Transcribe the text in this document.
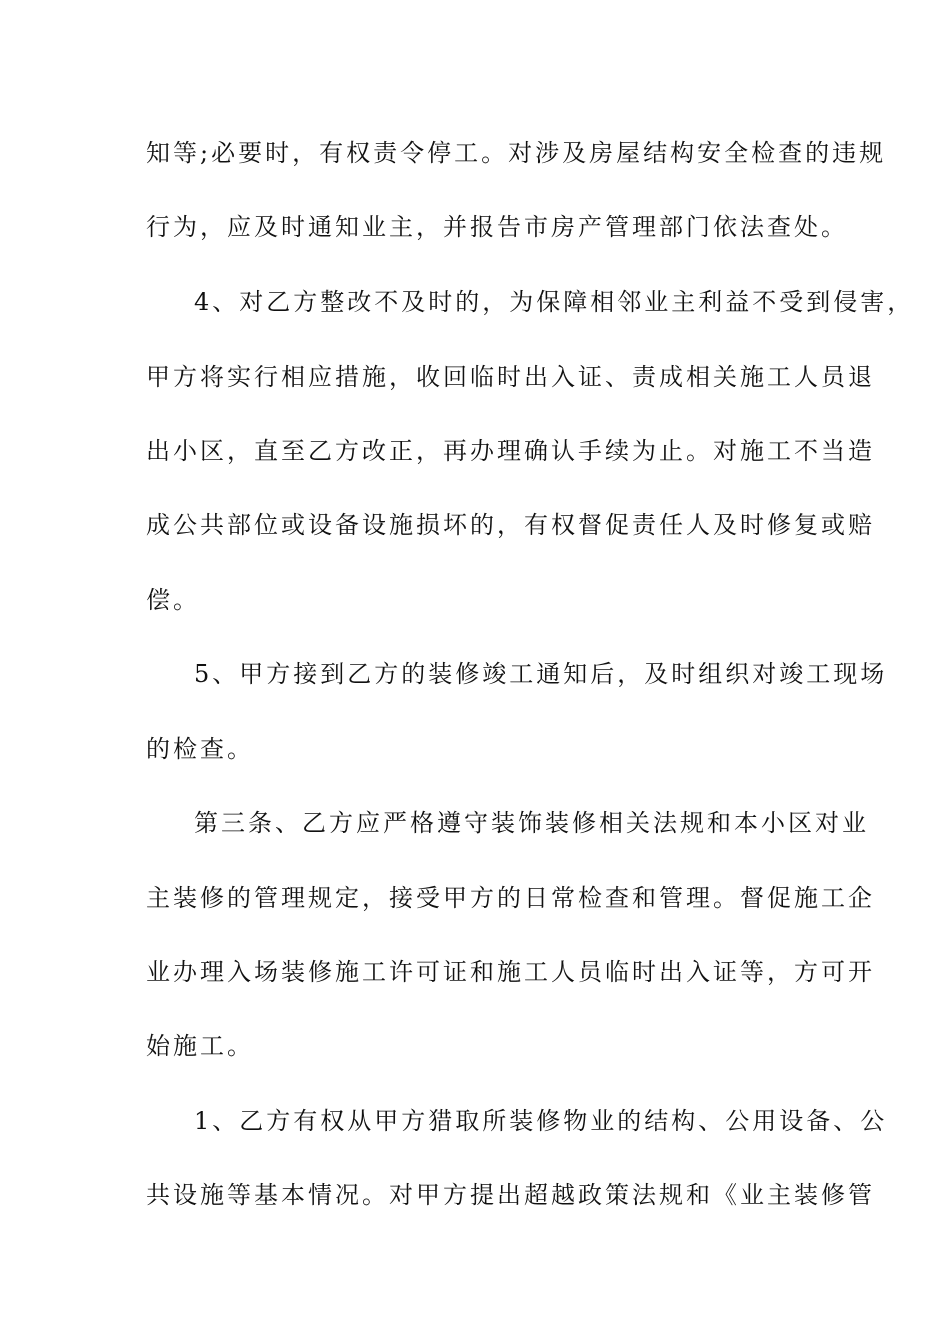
知等;必要时，有权责令停工。对涉及房屋结构安全检查的违规
行为，应及时通知业主，并报告市房产管理部门依法查处。
4、对乙方整改不及时的，为保障相邻业主利益不受到侵害，
甲方将实行相应措施，收回临时出入证、责成相关施工人员退
出小区，直至乙方改正，再办理确认手续为止。对施工不当造
成公共部位或设备设施损坏的，有权督促责任人及时修复或赔
偿。
5、甲方接到乙方的装修竣工通知后，及时组织对竣工现场
的检查。
第三条、乙方应严格遵守装饰装修相关法规和本小区对业
主装修的管理规定，接受甲方的日常检查和管理。督促施工企
业办理入场装修施工许可证和施工人员临时出入证等，方可开
始施工。
1、乙方有权从甲方猎取所装修物业的结构、公用设备、公
共设施等基本情况。对甲方提出超越政策法规和《业主装修管
